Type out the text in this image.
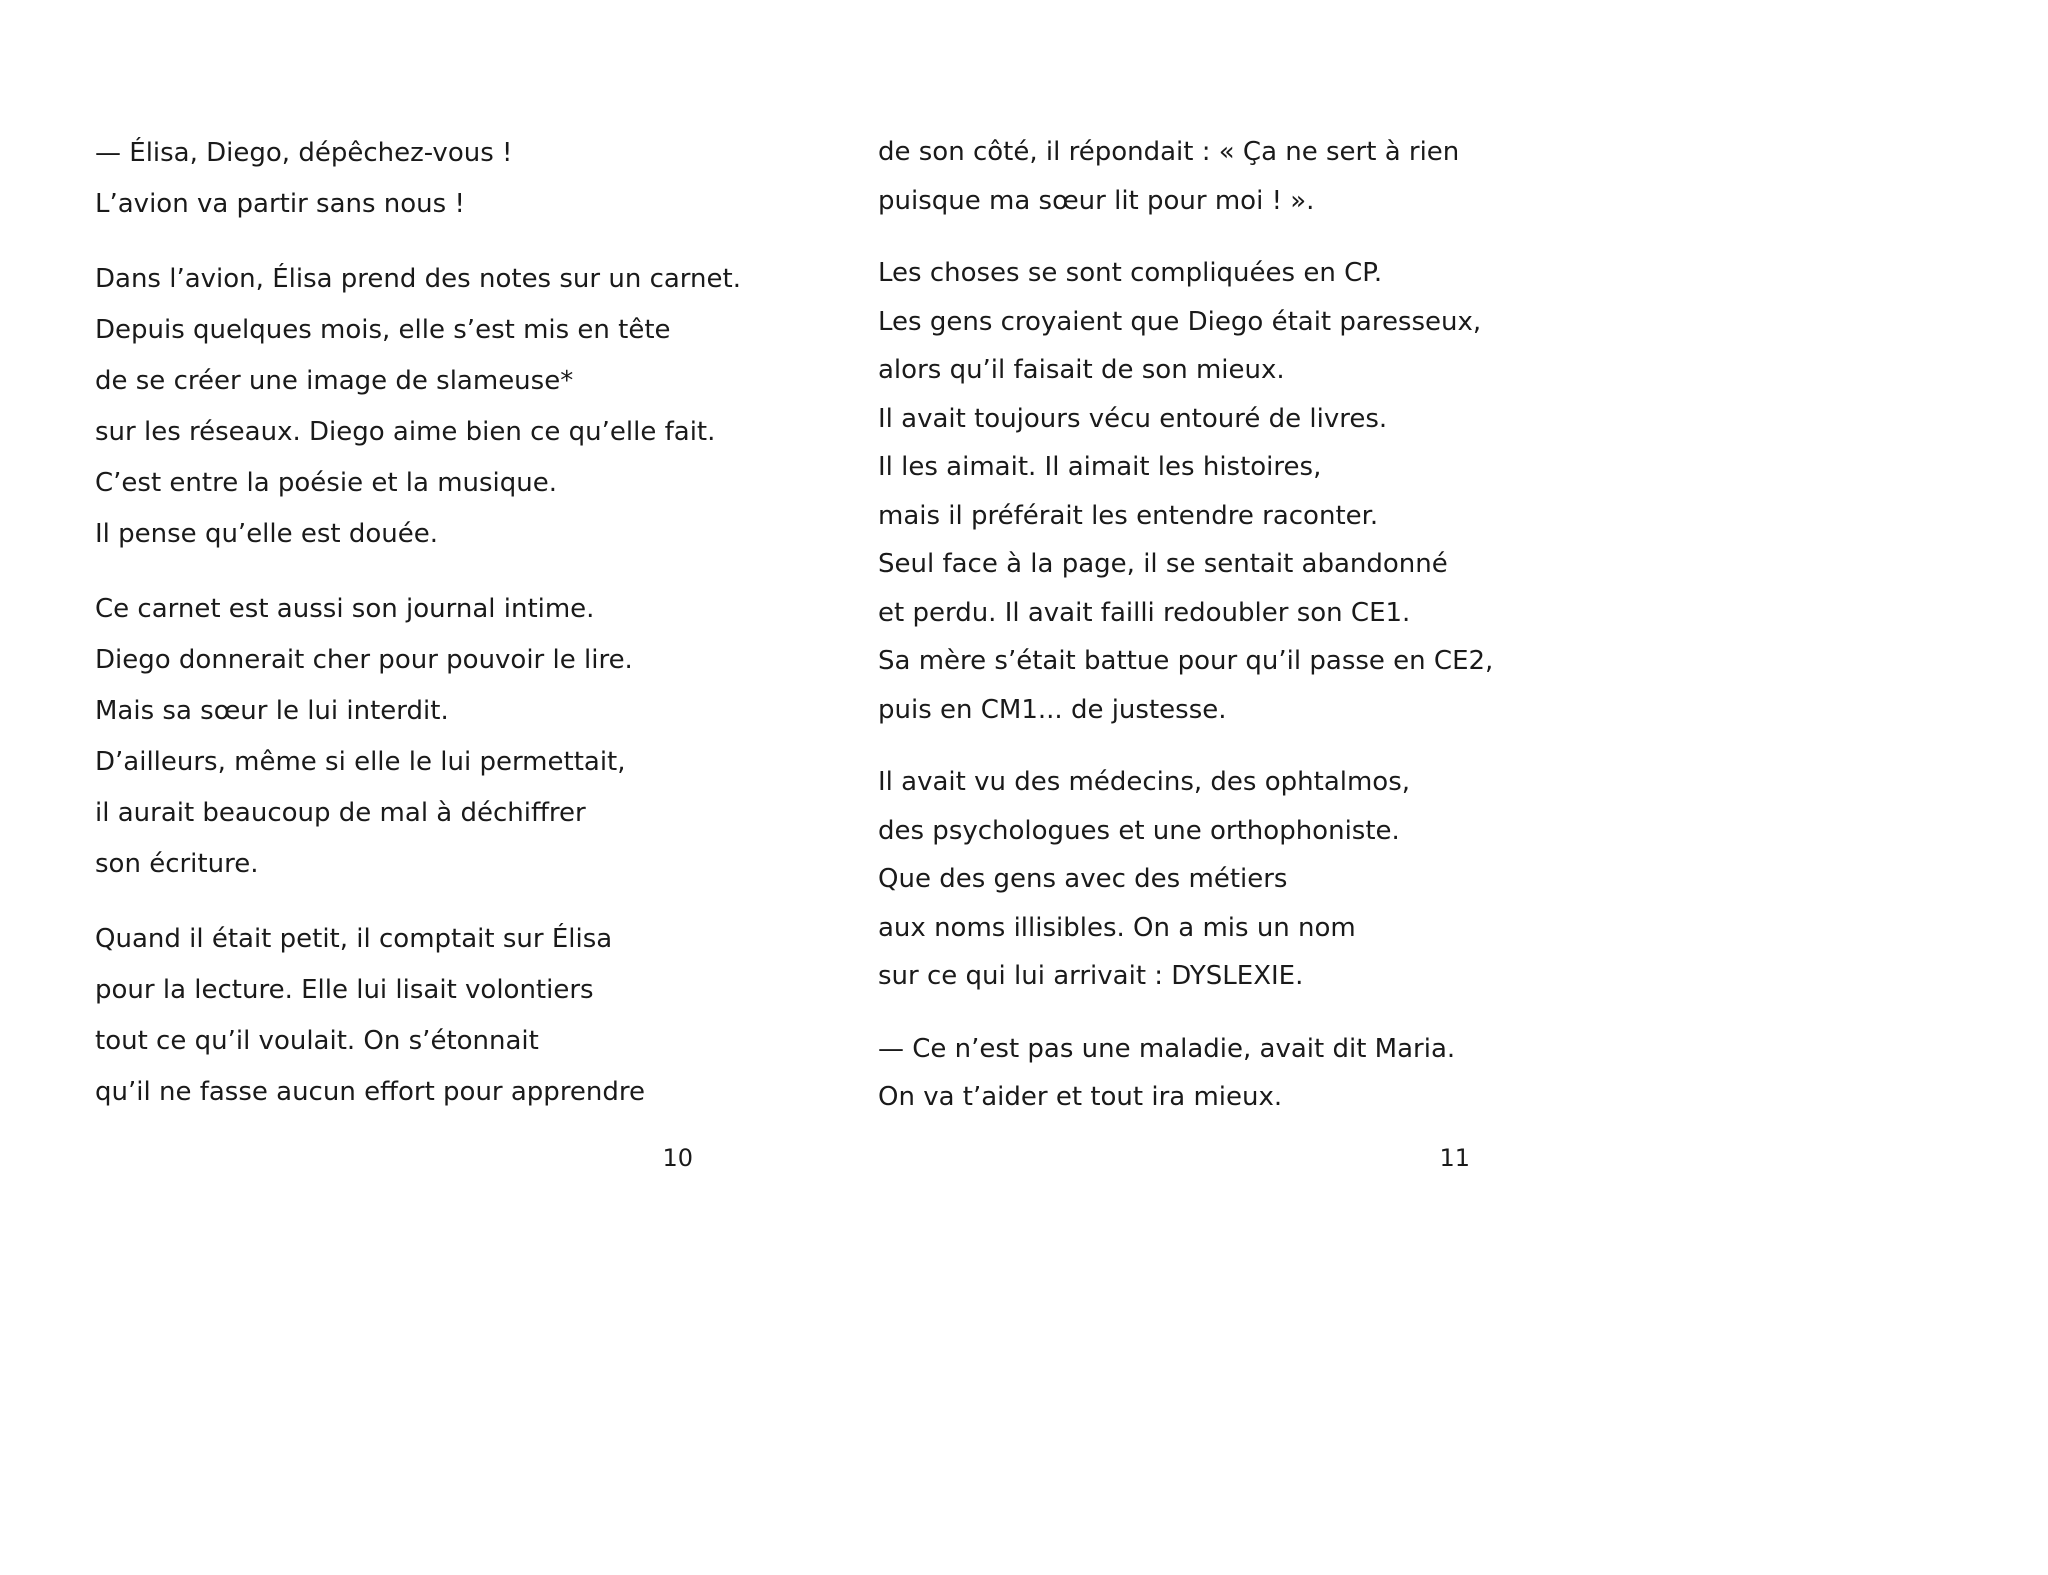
— Élisa, Diego, dépêchez-vous !
L’avion va partir sans nous !
Dans l’avion, Élisa prend des notes sur un carnet.
Depuis quelques mois, elle s’est mis en tête
de se créer une image de slameuse*
sur les réseaux. Diego aime bien ce qu’elle fait.
C’est entre la poésie et la musique.
Il pense qu’elle est douée.
Ce carnet est aussi son journal intime.
Diego donnerait cher pour pouvoir le lire.
Mais sa sœur le lui interdit.
D’ailleurs, même si elle le lui permettait,
il aurait beaucoup de mal à déchiffrer
son écriture.
Quand il était petit, il comptait sur Élisa
pour la lecture. Elle lui lisait volontiers
tout ce qu’il voulait. On s’étonnait
qu’il ne fasse aucun effort pour apprendre
de son côté, il répondait : « Ça ne sert à rien
puisque ma sœur lit pour moi ! ».
Les choses se sont compliquées en CP.
Les gens croyaient que Diego était paresseux,
alors qu’il faisait de son mieux.
Il avait toujours vécu entouré de livres.
Il les aimait. Il aimait les histoires,
mais il préférait les entendre raconter.
Seul face à la page, il se sentait abandonné
et perdu. Il avait failli redoubler son CE1.
Sa mère s’était battue pour qu’il passe en CE2,
puis en CM1... de justesse.
Il avait vu des médecins, des ophtalmos,
des psychologues et une orthophoniste.
Que des gens avec des métiers
aux noms illisibles. On a mis un nom
sur ce qui lui arrivait : DYSLEXIE.
— Ce n’est pas une maladie, avait dit Maria.
On va t’aider et tout ira mieux.
10	11
